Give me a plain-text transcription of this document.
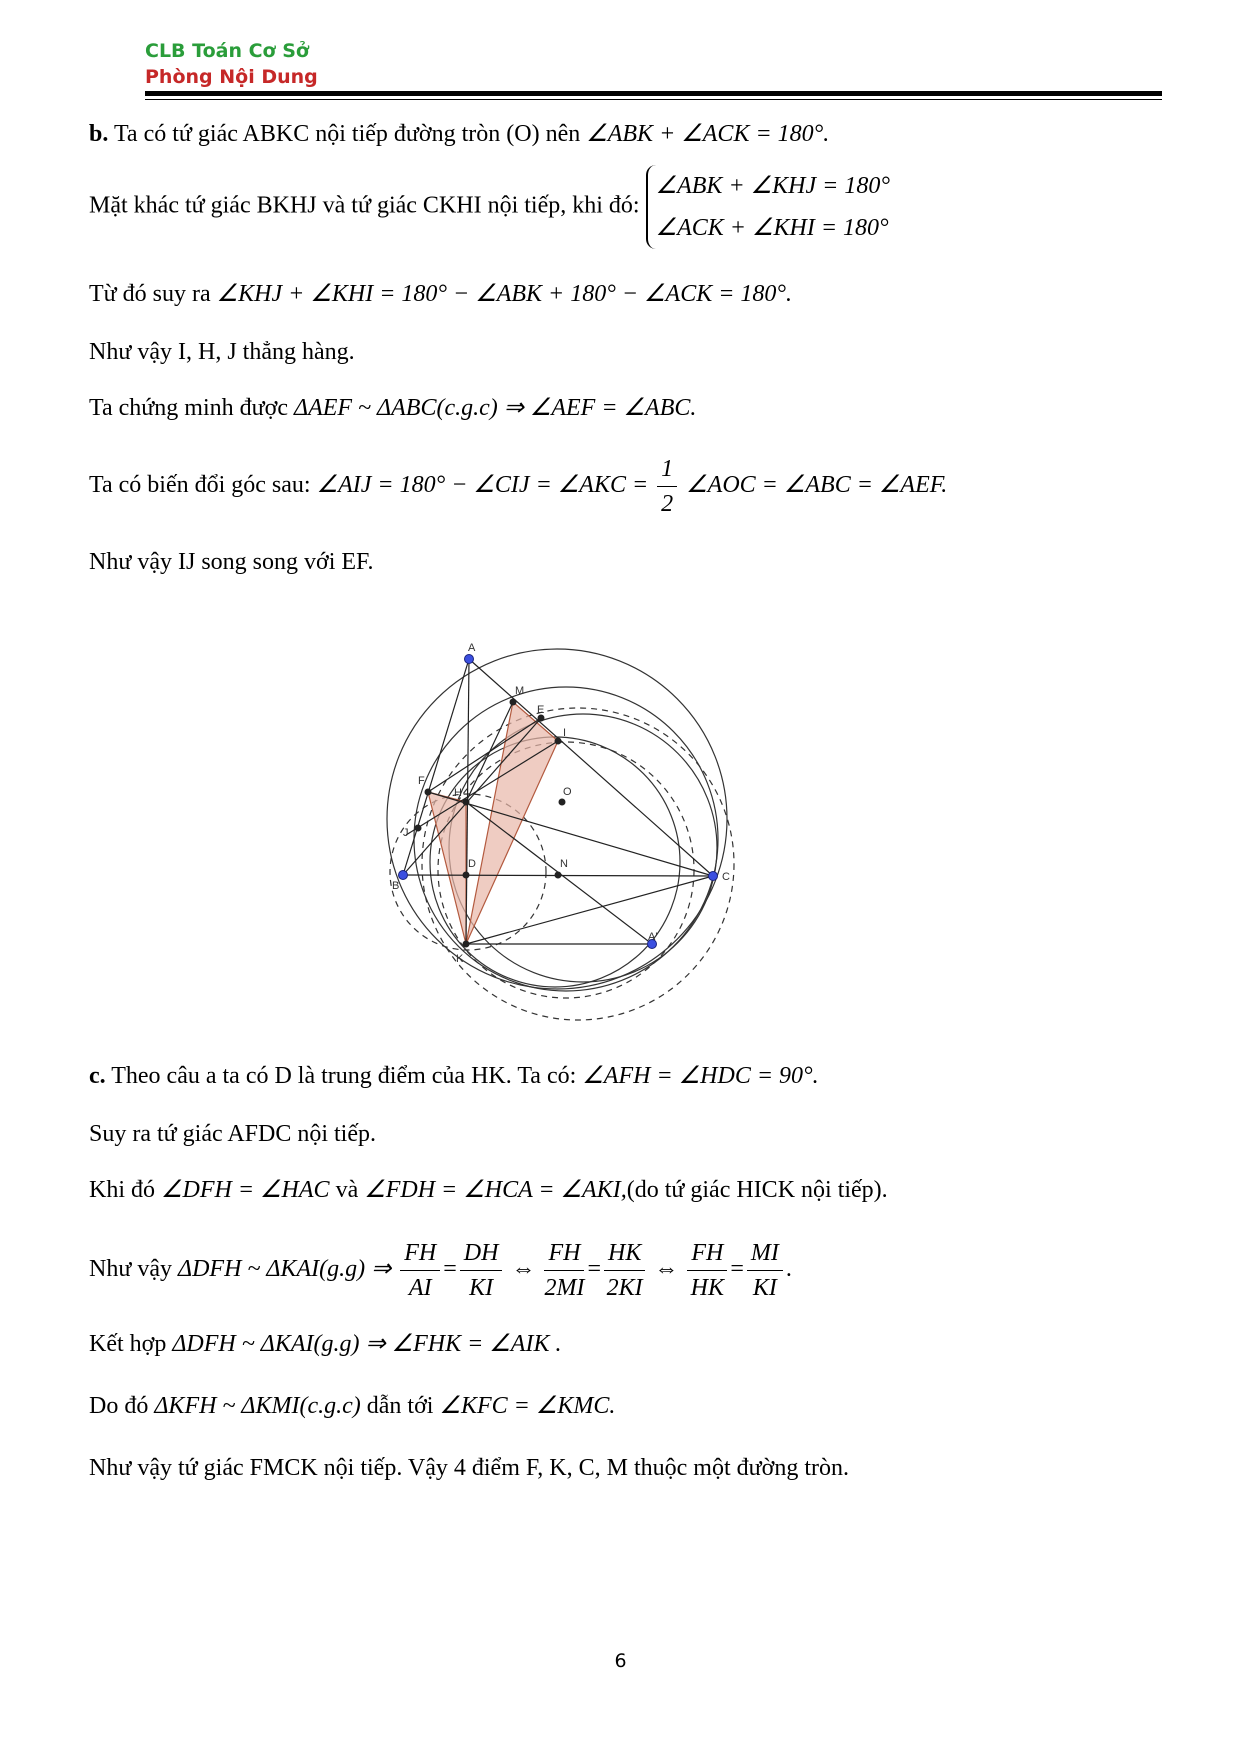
CLB Toán Cơ Sở
Phòng Nội Dung
b. Ta có tứ giác ABKC nội tiếp đường tròn (O) nên ∠ABK + ∠ACK = 180°.
Mặt khác tứ giác BKHJ và tứ giác CKHI nội tiếp, khi đó:
∠ABK + ∠KHJ = 180°
∠ACK + ∠KHI = 180°
Từ đó suy ra ∠KHJ + ∠KHI = 180° − ∠ABK + 180° − ∠ACK = 180°.
Như vậy I, H, J thẳng hàng.
Ta chứng minh được ΔAEF ~ ΔABC(c.g.c) ⇒ ∠AEF = ∠ABC.
Ta có biến đổi góc sau: ∠AIJ = 180° − ∠CIJ = ∠AKC = $\frac{1}{2}$ ∠AOC = ∠ABC = ∠AEF.
Như vậy IJ song song với EF.
A
M
E
I
F
H	O
J
D	N
B
C
A'
K
c. Theo câu a ta có D là trung điểm của HK. Ta có: ∠AFH = ∠HDC = 90°.
Suy ra tứ giác AFDC nội tiếp.
Khi đó ∠DFH = ∠HAC và ∠FDH = ∠HCA = ∠AKI,(do tứ giác HICK nội tiếp).
Như vậy ΔDFH ~ ΔKAI(g.g) ⇒ $\frac{FH}{AI} = \frac{DH}{KI}$ ⇔ $\frac{FH}{2MI} = \frac{HK}{2KI}$ ⇔ $\frac{FH}{HK} = \frac{MI}{KI}$ .
Kết hợp ΔDFH ~ ΔKAI(g.g) ⇒ ∠FHK = ∠AIK .
Do đó ΔKFH ~ ΔKMI(c.g.c) dẫn tới ∠KFC = ∠KMC.
Như vậy tứ giác FMCK nội tiếp. Vậy 4 điểm F, K, C, M thuộc một đường tròn.
6
